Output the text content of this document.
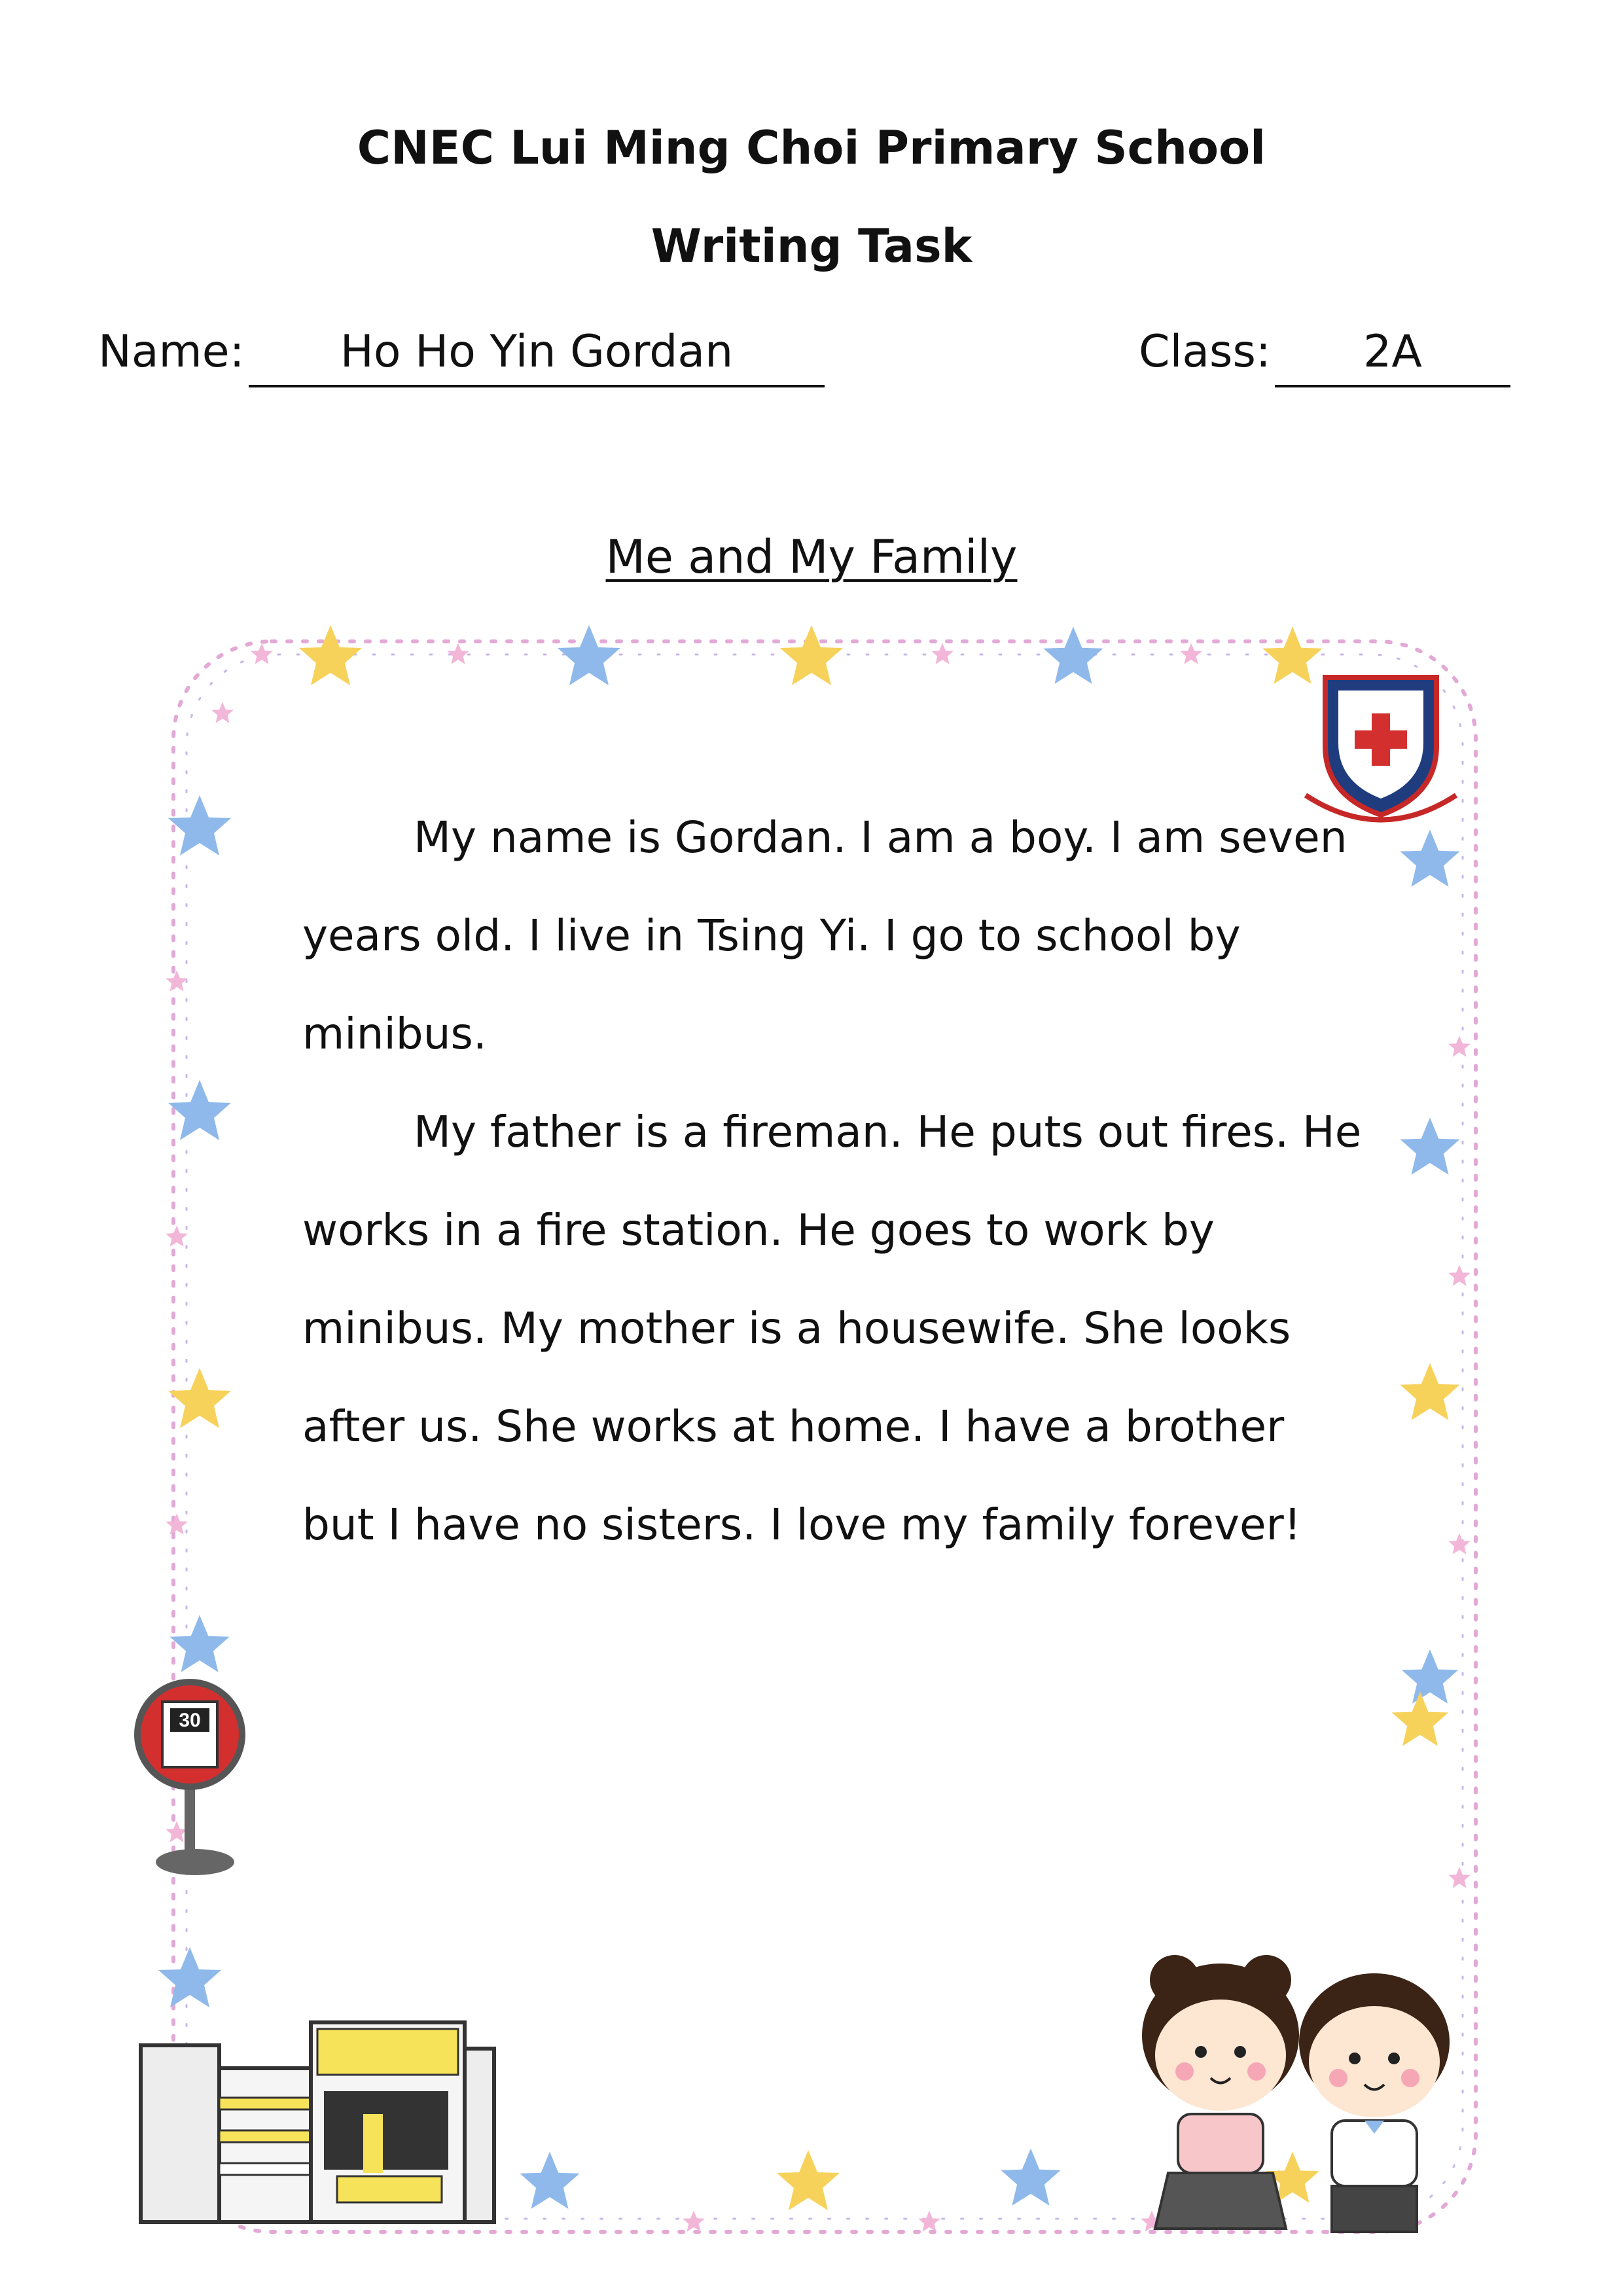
CNEC Lui Ming Choi Primary School
Writing Task
Name:	Ho Ho Yin Gordan	Class:	2A
Me and My Family
30

My name is Gordan. I am a boy. I am seven years old. I live in Tsing Yi. I go to school by minibus.

My father is a fireman. He puts out fires. He works in a fire station. He goes to work by minibus. My mother is a housewife. She looks after us. She works at home. I have a brother but I have no sisters. I love my family forever!
